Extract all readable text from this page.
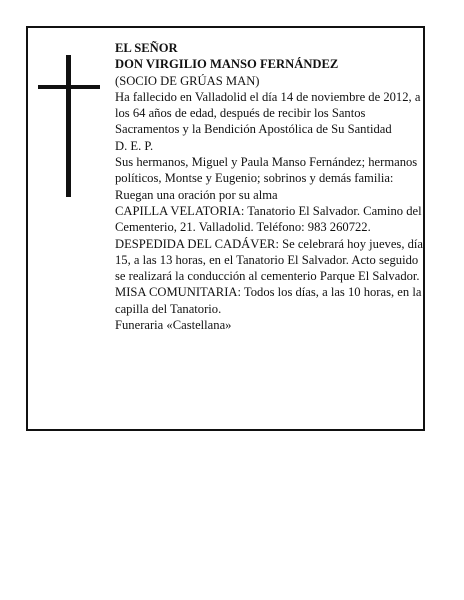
EL SEÑOR

DON VIRGILIO MANSO FERNÁNDEZ

(SOCIO DE GRÚAS MAN)

Ha fallecido en Valladolid el día 14 de noviembre de 2012, a los 64 años de edad, después de recibir los Santos Sacramentos y la Bendición Apostólica de Su Santidad

D. E. P.

Sus hermanos, Miguel y Paula Manso Fernández; hermanos políticos, Montse y Eugenio; sobrinos y demás familia:

Ruegan una oración por su alma

CAPILLA VELATORIA: Tanatorio El Salvador. Camino del Cementerio, 21. Valladolid. Teléfono: 983 260722.

DESPEDIDA DEL CADÁVER: Se celebrará hoy jueves, día 15, a las 13 horas, en el Tanatorio El Salvador. Acto seguido se realizará la conducción al cementerio Parque El Salvador.

MISA COMUNITARIA: Todos los días, a las 10 horas, en la capilla del Tanatorio.

Funeraria «Castellana»
